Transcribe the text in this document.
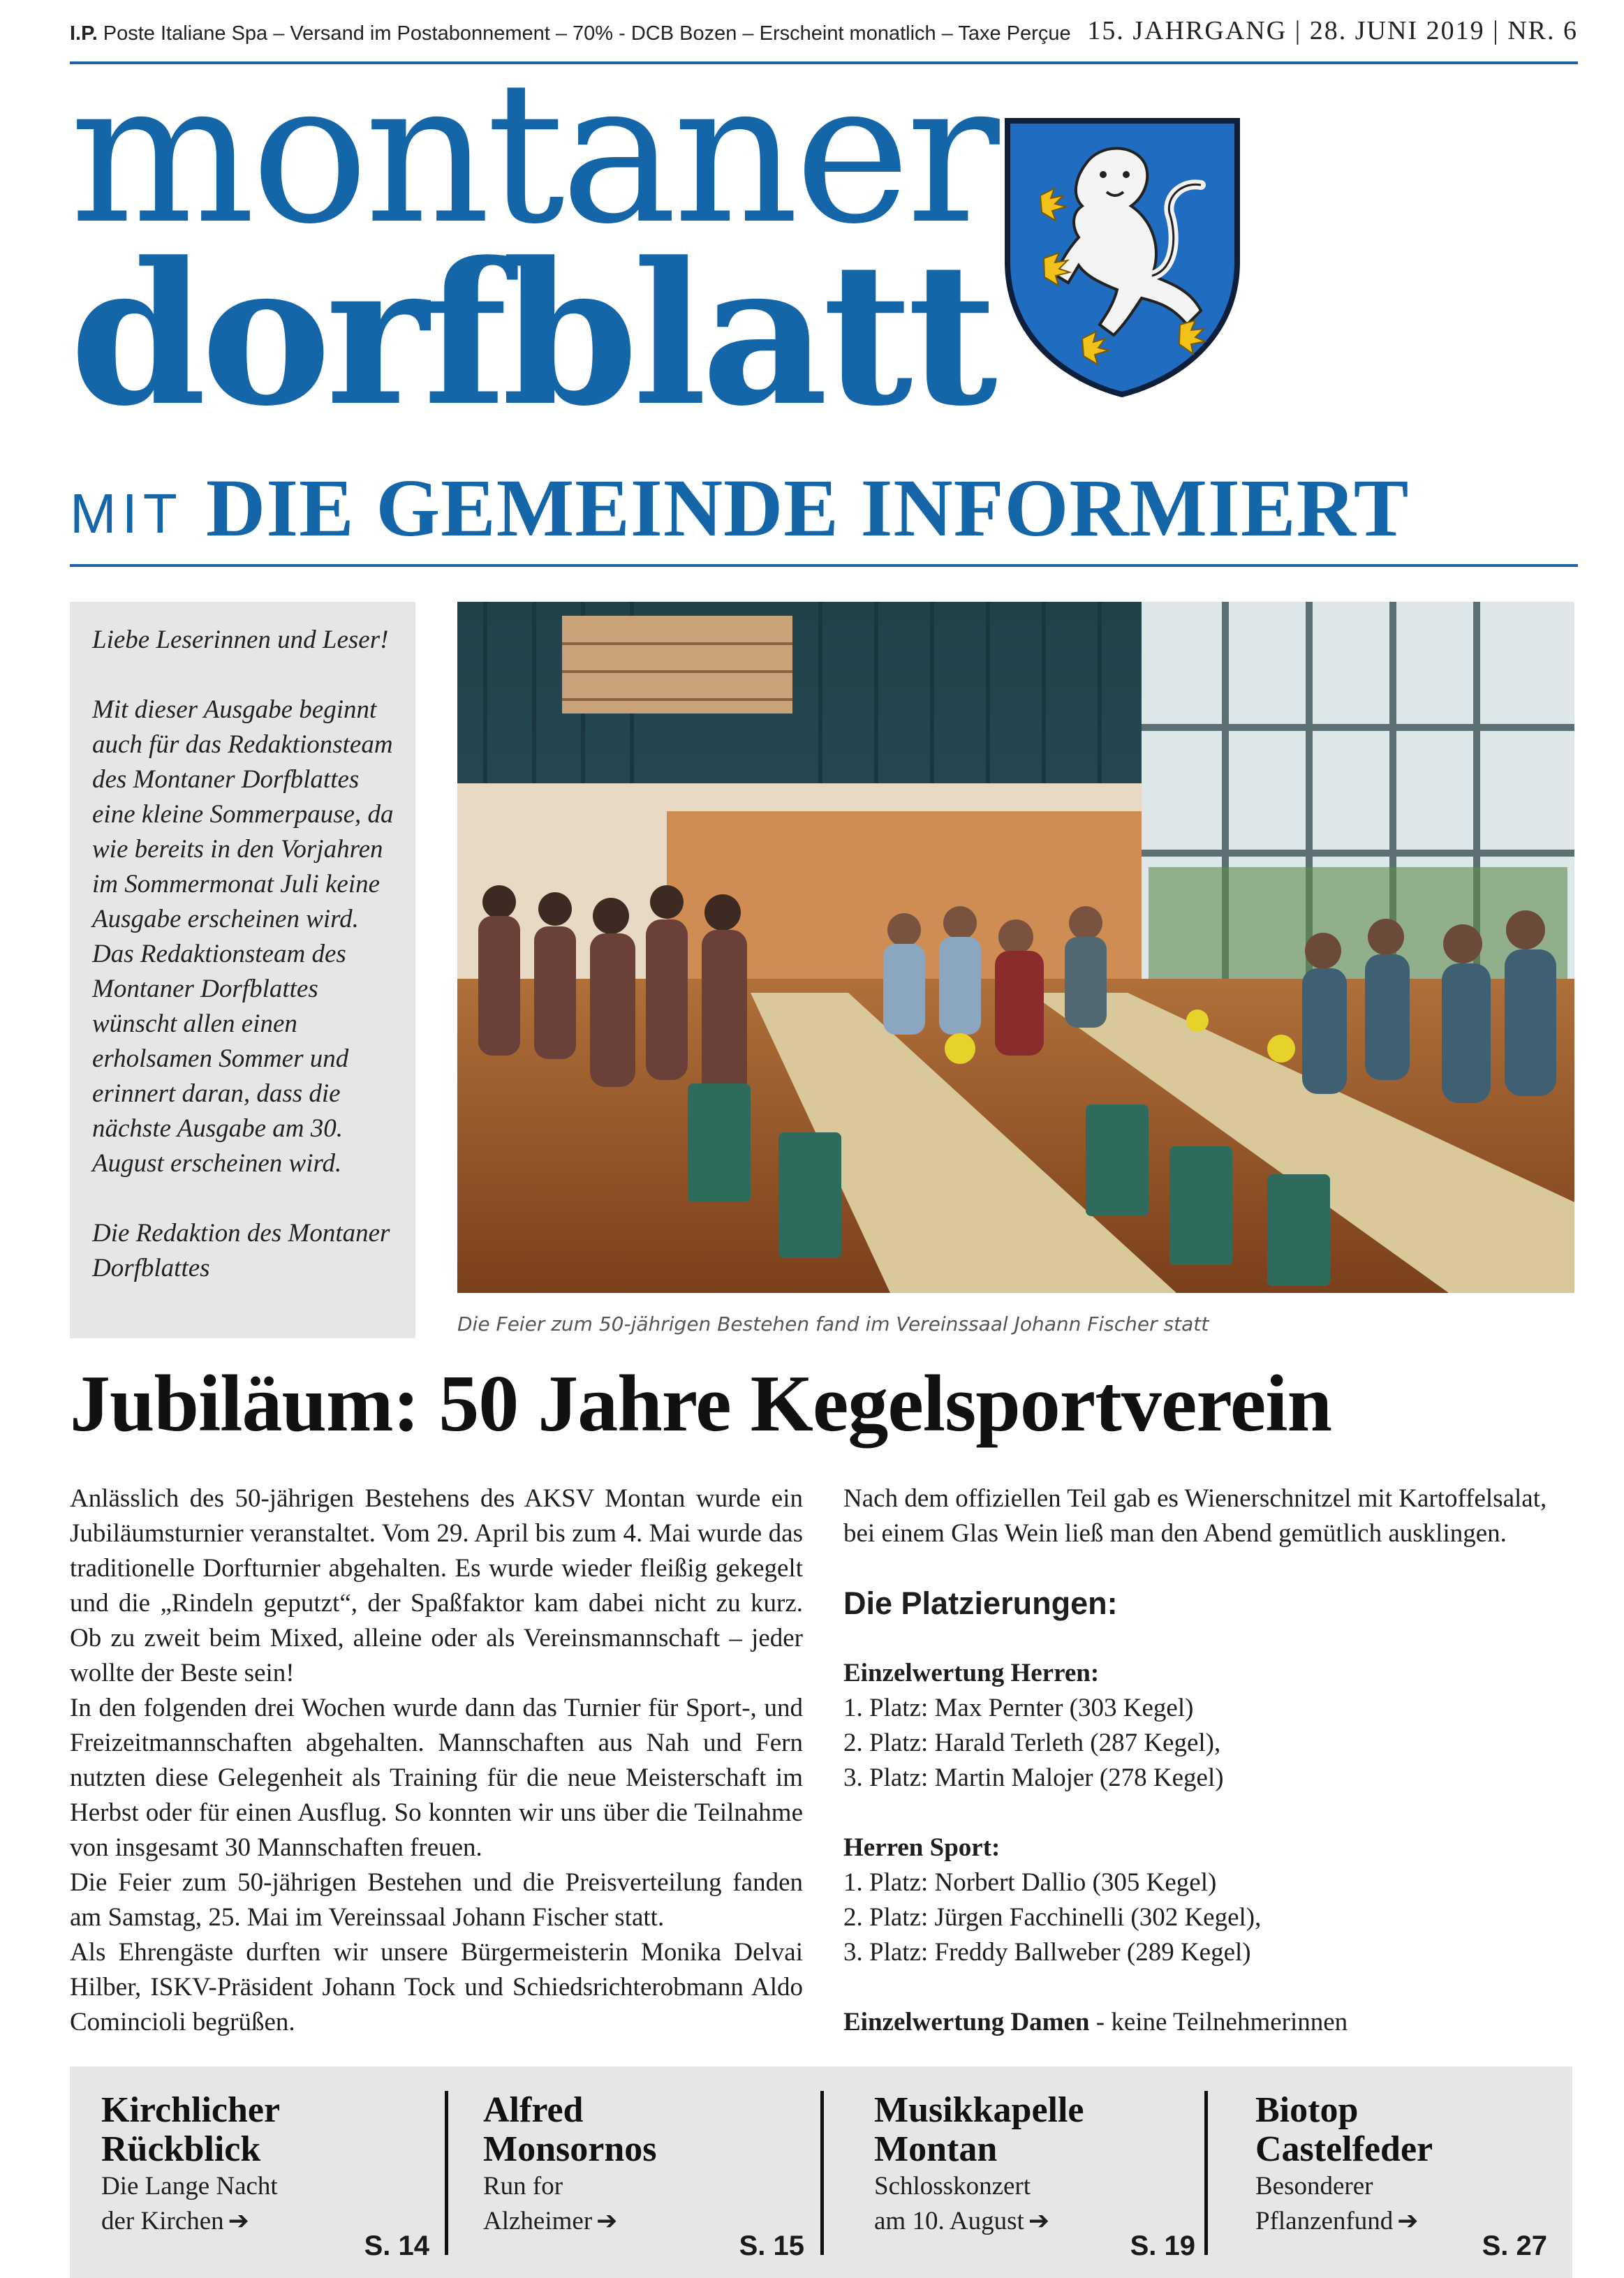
I.P. Poste Italiane Spa – Versand im Postabonnement – 70% - DCB Bozen – Erscheint monatlich – Taxe Perçue 15. JAHRGANG | 28. JUNI 2019 | NR. 6
montaner
dorfblatt
MIT DIE GEMEINDE INFORMIERT

Liebe Leserinnen und Leser!

Mit dieser Ausgabe beginnt auch für das Redaktionsteam des Montaner Dorfblattes eine kleine Sommerpause, da wie bereits in den Vorjahren im Sommermonat Juli keine Ausgabe erscheinen wird. Das Redaktionsteam des Montaner Dorfblattes wünscht allen einen erholsamen Sommer und erinnert daran, dass die nächste Ausgabe am 30. August erscheinen wird.

Die Redaktion des Montaner Dorfblattes

Die Feier zum 50-jährigen Bestehen fand im Vereinssaal Johann Fischer statt
Jubiläum: 50 Jahre Kegelsportverein

Anlässlich des 50-jährigen Bestehens des AKSV Montan wurde ein Jubiläumsturnier veranstaltet. Vom 29. April bis zum 4. Mai wurde das traditionelle Dorfturnier abgehalten. Es wurde wieder fleißig gekegelt und die „Rindeln geputzt“, der Spaßfaktor kam dabei nicht zu kurz. Ob zu zweit beim Mixed, alleine oder als Vereinsmannschaft – jeder wollte der Beste sein!

In den folgenden drei Wochen wurde dann das Turnier für Sport-, und Freizeitmannschaften abgehalten. Mannschaften aus Nah und Fern nutzten diese Gelegenheit als Training für die neue Meisterschaft im Herbst oder für einen Ausflug. So konnten wir uns über die Teilnahme von insgesamt 30 Mannschaften freuen.

Die Feier zum 50-jährigen Bestehen und die Preisverteilung fanden am Samstag, 25. Mai im Vereinssaal Johann Fischer statt.

Als Ehrengäste durften wir unsere Bürgermeisterin Monika Delvai Hilber, ISKV-Präsident Johann Tock und Schiedsrichterobmann Aldo Comincioli begrüßen.

Nach dem offiziellen Teil gab es Wienerschnitzel mit Kartoffelsalat, bei einem Glas Wein ließ man den Abend gemütlich ausklingen.

Die Platzierungen:
Einzelwertung Herren:
1. Platz: Max Pernter (303 Kegel)
2. Platz: Harald Terleth (287 Kegel),
3. Platz: Martin Malojer (278 Kegel)
Herren Sport:
1. Platz: Norbert Dallio (305 Kegel)
2. Platz: Jürgen Facchinelli (302 Kegel),
3. Platz: Freddy Ballweber (289 Kegel)
Einzelwertung Damen - keine Teilnehmerinnen
Kirchlicher
Rückblick
Die Lange Nacht
der Kirchen ➔
S. 14
Alfred
Monsornos
Run for
Alzheimer ➔
S. 15
Musikkapelle
Montan
Schlosskonzert
am 10. August ➔
S. 19
Biotop
Castelfeder
Besonderer
Pflanzenfund ➔
S. 27
